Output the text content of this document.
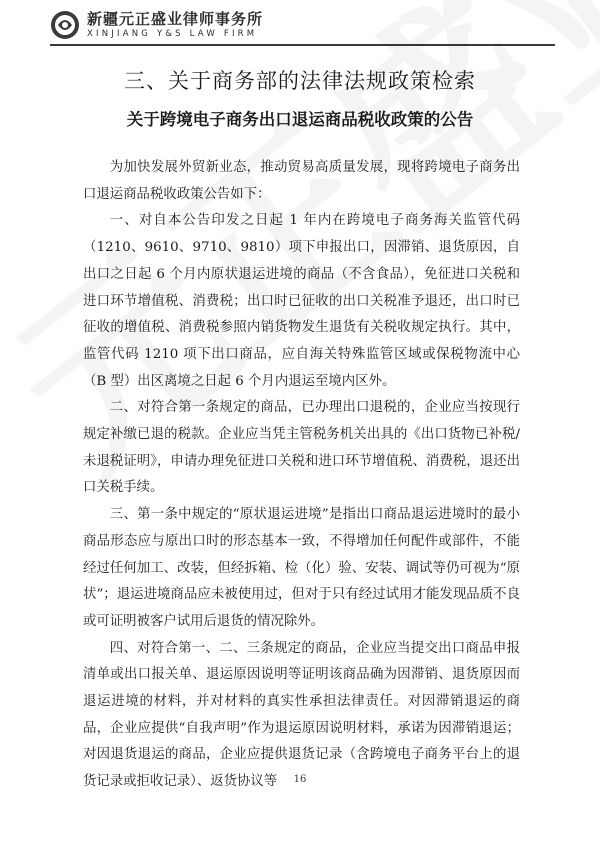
新疆元正盛业律师事务所
XINJIANG Y&S LAW FIRM
三、关于商务部的法律法规政策检索
关于跨境电子商务出口退运商品税收政策的公告

为加快发展外贸新业态，推动贸易高质量发展，现将跨境电子商务出口退运商品税收政策公告如下：

一、对自本公告印发之日起 1 年内在跨境电子商务海关监管代码（1210、9610、9710、9810）项下申报出口，因滞销、退货原因，自出口之日起 6 个月内原状退运进境的商品（不含食品），免征进口关税和进口环节增值税、消费税；出口时已征收的出口关税准予退还，出口时已征收的增值税、消费税参照内销货物发生退货有关税收规定执行。其中，监管代码 1210 项下出口商品，应自海关特殊监管区域或保税物流中心（B 型）出区离境之日起 6 个月内退运至境内区外。

二、对符合第一条规定的商品，已办理出口退税的，企业应当按现行规定补缴已退的税款。企业应当凭主管税务机关出具的《出口货物已补税/未退税证明》，申请办理免征进口关税和进口环节增值税、消费税，退还出口关税手续。

三、第一条中规定的“原状退运进境”是指出口商品退运进境时的最小商品形态应与原出口时的形态基本一致，不得增加任何配件或部件，不能经过任何加工、改装，但经拆箱、检（化）验、安装、调试等仍可视为“原状”；退运进境商品应未被使用过，但对于只有经过试用才能发现品质不良或可证明被客户试用后退货的情况除外。

四、对符合第一、二、三条规定的商品，企业应当提交出口商品申报清单或出口报关单、退运原因说明等证明该商品确为因滞销、退货原因而退运进境的材料，并对材料的真实性承担法律责任。对因滞销退运的商品，企业应提供“自我声明”作为退运原因说明材料，承诺为因滞销退运；对因退货退运的商品，企业应提供退货记录（含跨境电子商务平台上的退货记录或拒收记录）、返货协议等	16
